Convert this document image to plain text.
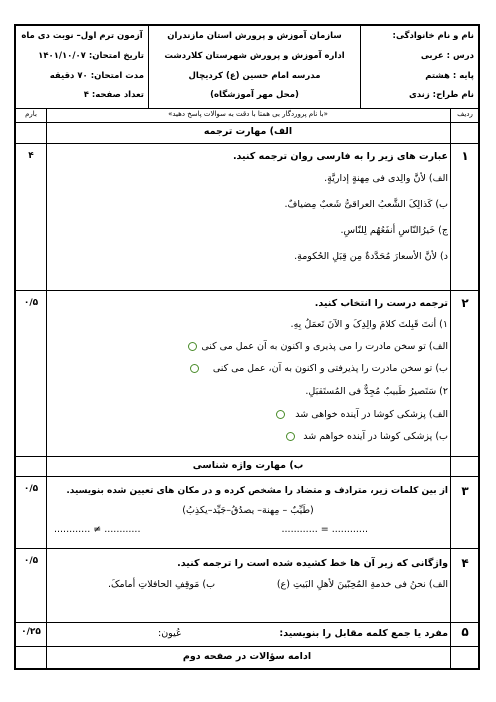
نام و نام خانوادگی:
درس : عربی
پایه : هشتم
نام طراح: زندی
سازمان آموزش و پرورش استان مازندران
اداره آموزش و پرورش شهرستان کلاردشت
مدرسه امام حسین (ع) کردیچال
(محل مهر آموزشگاه)
آزمون ترم اول– نوبت دی ماه
تاریخ امتحان: ۱۴۰۱/۱۰/۰۷
مدت امتحان: ۷۰ دقیقه
تعداد صفحه: ۴
ردیف
«با نام پروردگار بی همتا با دقت به سوالات پاسخ دهید»
بارم
الف) مهارت ترجمه
۱
۴	عبارت های زیر را به فارسی روان ترجمه کنید.
الف) لأنَّ والِدی فی مِهنةٍ إداریَّةٍ.
ب) کَذالِکَ الشَّعبُ العراقیُّ شَعبٌ مِضیافٌ.
ج) خَیرُالنّاسِ أنفَعُهُم لِلنّاسِ.
د) لأنَّ الأسعارَ مُحَدَّدةٌ مِن قِبَلِ الحُکومةِ.
۲
۰/۵	ترجمه درست را انتخاب کنید.
۱) أنتَ قَبِلتَ کلامَ والِدِکَ و الآنَ تَعمَلُ بِهِ.
الف) تو سخن مادرت را می پذیری و اکنون به آن عمل می کنی
ب) تو سخن مادرت را پذیرفتی و اکنون به آن، عمل می کنی
۲) سَتَصیرُ طَبیبٌ مُجِدٌّ فی المُستَقبَلِ.
الف) پزشکی کوشا در آینده خواهی شد
ب) پزشکی کوشا در آینده خواهم شد
ب) مهارت واژه شناسی
۳
۰/۵	از بین کلمات زیر، مترادف و متضاد را مشخص کرده و در مکان های تعیین شده بنویسید.
(طَیِّبٌ – مِهنة– یصدُقُ–جَیِّد–یکذِبُ)
............ = ............
............ ≠ ............
۴
۰/۵	واژگانی که زیر آن ها خط کشیده شده است را ترجمه کنید.
الف) نحنُ فی خدمةِ المُحِبّینَ لأهلِ البَیتِ (ع)
ب) مَوقِفِ الحافلاتِ أمامکَ.
۵
۰/۲۵	مفرد یا جمع کلمه مقابل را بنویسید:
عُیون:
ادامه سؤالات در صفحه دوم
